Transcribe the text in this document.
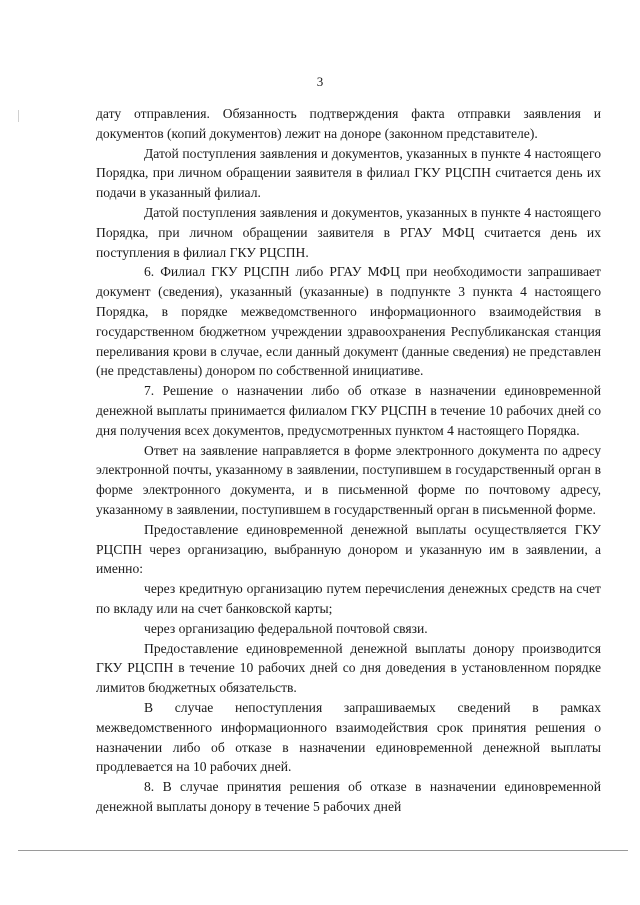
3

дату отправления. Обязанность подтверждения факта отправки заявления и документов (копий документов) лежит на доноре (законном представителе).

Датой поступления заявления и документов, указанных в пункте 4 настоящего Порядка, при личном обращении заявителя в филиал ГКУ РЦСПН считается день их подачи в указанный филиал.

Датой поступления заявления и документов, указанных в пункте 4 настоящего Порядка, при личном обращении заявителя в РГАУ МФЦ считается день их поступления в филиал ГКУ РЦСПН.

6. Филиал ГКУ РЦСПН либо РГАУ МФЦ при необходимости запрашивает документ (сведения), указанный (указанные) в подпункте 3 пункта 4 настоящего Порядка, в порядке межведомственного информационного взаимодействия в государственном бюджетном учреждении здравоохранения Республиканская станция переливания крови в случае, если данный документ (данные сведения) не представлен (не представлены) донором по собственной инициативе.

7. Решение о назначении либо об отказе в назначении единовременной денежной выплаты принимается филиалом ГКУ РЦСПН в течение 10 рабочих дней со дня получения всех документов, предусмотренных пунктом 4 настоящего Порядка.

Ответ на заявление направляется в форме электронного документа по адресу электронной почты, указанному в заявлении, поступившем в государственный орган в форме электронного документа, и в письменной форме по почтовому адресу, указанному в заявлении, поступившем в государственный орган в письменной форме.

Предоставление единовременной денежной выплаты осуществляется ГКУ РЦСПН через организацию, выбранную донором и указанную им в заявлении, а именно:

через кредитную организацию путем перечисления денежных средств на счет по вкладу или на счет банковской карты;

через организацию федеральной почтовой связи.

Предоставление единовременной денежной выплаты донору производится ГКУ РЦСПН в течение 10 рабочих дней со дня доведения в установленном порядке лимитов бюджетных обязательств.

В случае непоступления запрашиваемых сведений в рамках межведомственного информационного взаимодействия срок принятия решения о назначении либо об отказе в назначении единовременной денежной выплаты продлевается на 10 рабочих дней.

8. В случае принятия решения об отказе в назначении единовременной денежной выплаты донору в течение 5 рабочих дней
